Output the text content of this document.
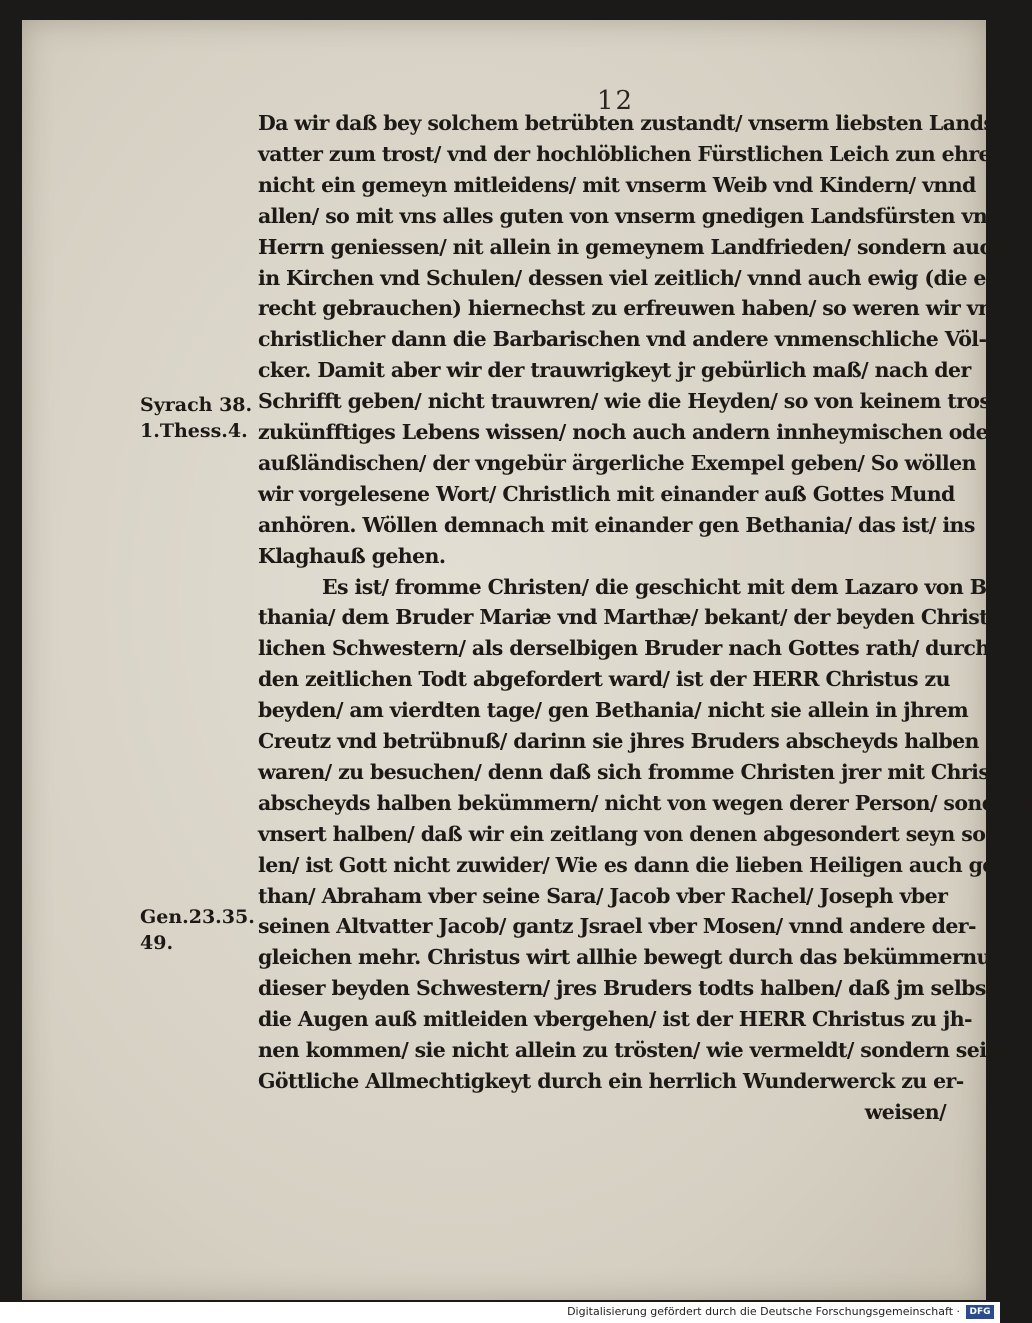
12
Da wir daß bey solchem betrübten zustandt/ vnserm liebsten Lands-
vatter zum trost/ vnd der hochlöblichen Fürstlichen Leich zun ehren/
nicht ein gemeyn mitleidens/ mit vnserm Weib vnd Kindern/ vnnd
allen/ so mit vns alles guten von vnserm gnedigen Landsfürsten vnd
Herrn geniessen/ nit allein in gemeynem Landfrieden/ sondern auch
in Kirchen vnd Schulen/ dessen viel zeitlich/ vnnd auch ewig (die es
recht gebrauchen) hiernechst zu erfreuwen haben/ so weren wir vn-
christlicher dann die Barbarischen vnd andere vnmenschliche Völ-
cker. Damit aber wir der trauwrigkeyt jr gebürlich maß/ nach der
Schrifft geben/ nicht trauwren/ wie die Heyden/ so von keinem trost
zukünfftiges Lebens wissen/ noch auch andern innheymischen oder
außländischen/ der vngebür ärgerliche Exempel geben/ So wöllen
wir vorgelesene Wort/ Christlich mit einander auß Gottes Mund
anhören. Wöllen demnach mit einander gen Bethania/ das ist/ ins
Klaghauß gehen.
Es ist/ fromme Christen/ die geschicht mit dem Lazaro von Be-
thania/ dem Bruder Mariæ vnd Marthæ/ bekant/ der beyden Christ-
lichen Schwestern/ als derselbigen Bruder nach Gottes rath/ durch
den zeitlichen Todt abgefordert ward/ ist der HERR Christus zu
beyden/ am vierdten tage/ gen Bethania/ nicht sie allein in jhrem
Creutz vnd betrübnuß/ darinn sie jhres Bruders abscheyds halben
waren/ zu besuchen/ denn daß sich fromme Christen jrer mit Christen
abscheyds halben bekümmern/ nicht von wegen derer Person/ sondern
vnsert halben/ daß wir ein zeitlang von denen abgesondert seyn sol-
len/ ist Gott nicht zuwider/ Wie es dann die lieben Heiligen auch ge-
than/ Abraham vber seine Sara/ Jacob vber Rachel/ Joseph vber
seinen Altvatter Jacob/ gantz Jsrael vber Mosen/ vnnd andere der-
gleichen mehr. Christus wirt allhie bewegt durch das bekümmernuß
dieser beyden Schwestern/ jres Bruders todts halben/ daß jm selbst
die Augen auß mitleiden vbergehen/ ist der HERR Christus zu jh-
nen kommen/ sie nicht allein zu trösten/ wie vermeldt/ sondern seine
Göttliche Allmechtigkeyt durch ein herrlich Wunderwerck zu er-
weisen/
Syrach 38.
1.Thess.4.
Gen.23.35.
49.
Digitalisierung gefördert durch die Deutsche Forschungsgemeinschaft ·	DFG
